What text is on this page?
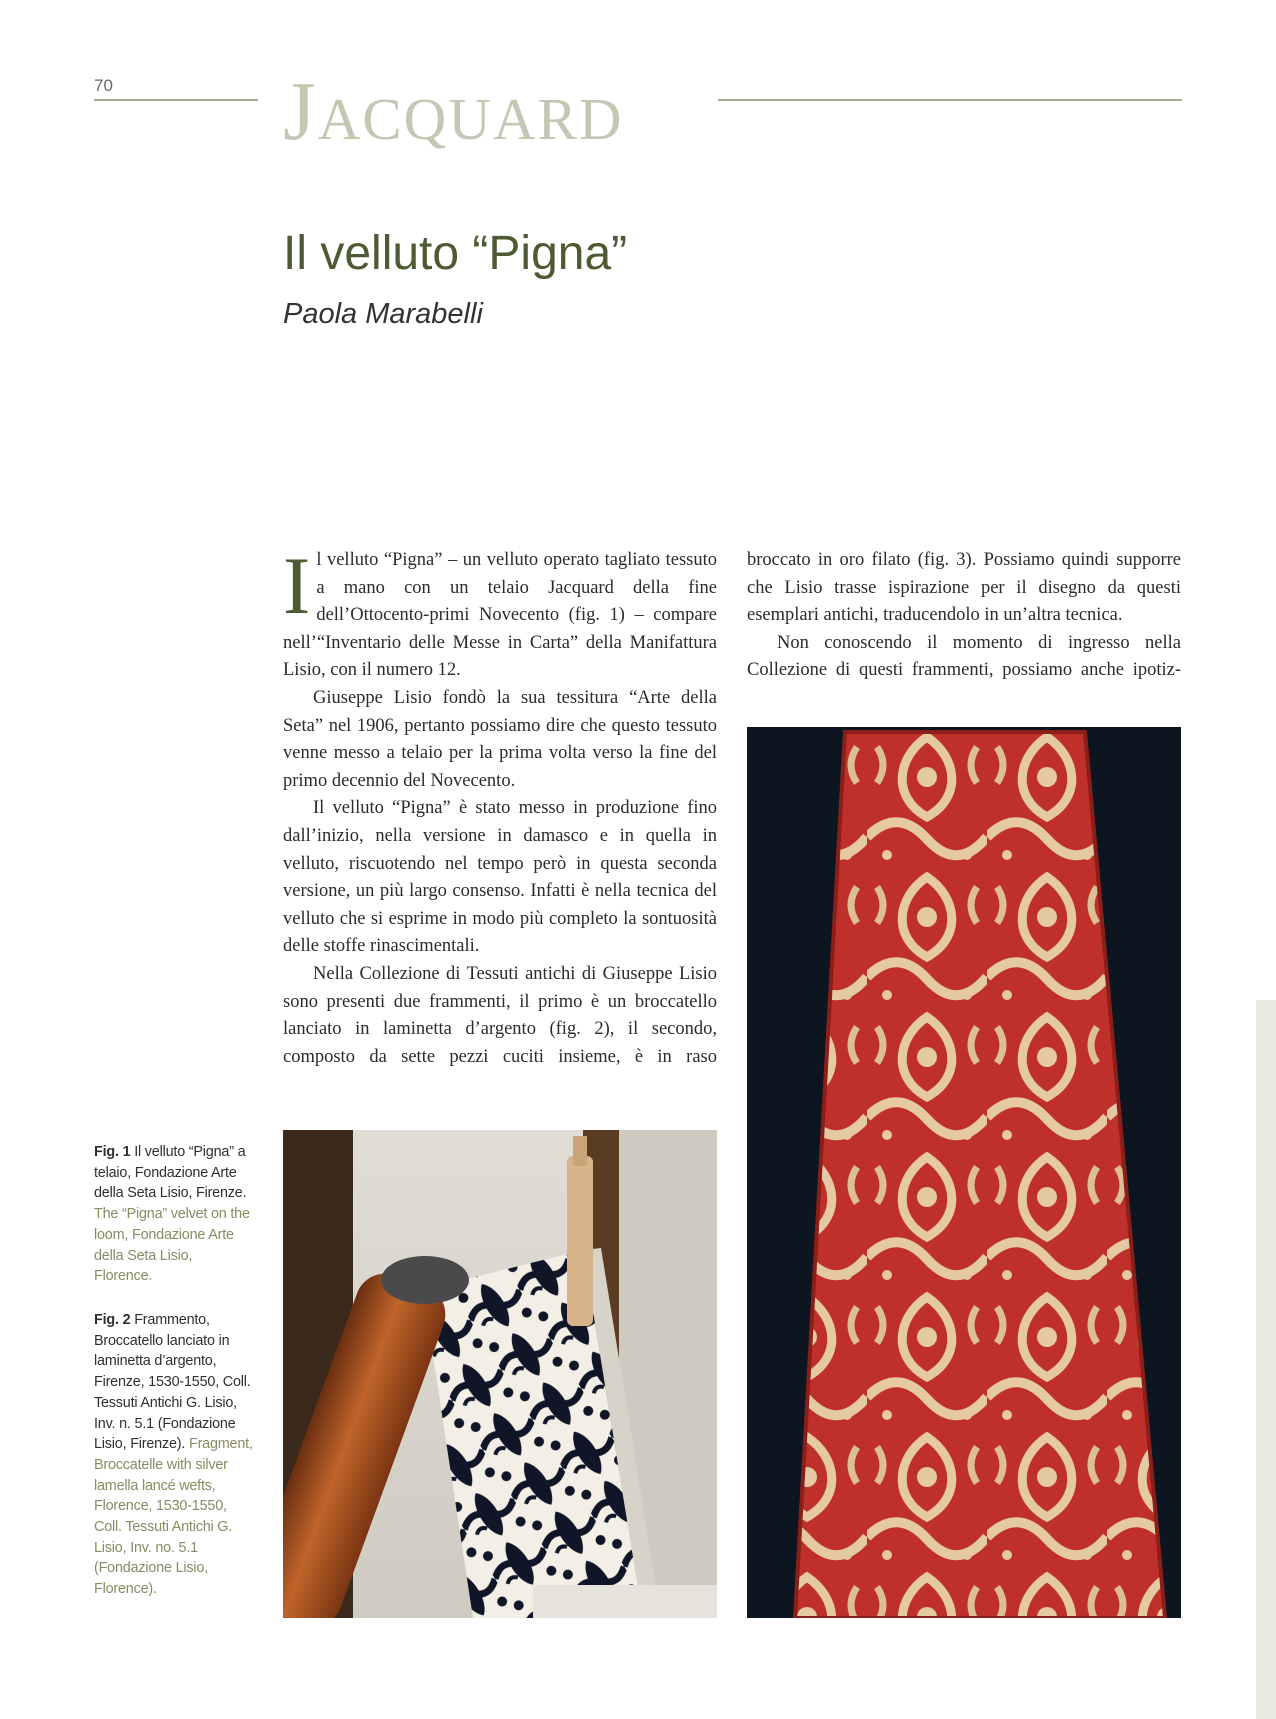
70 Jacquard
Il velluto “Pigna”
Paola Marabelli

Il velluto “Pigna” – un velluto operato tagliato tessuto a mano con un telaio Jacquard della fine dell’Ottocento-primi Novecento (fig. 1) – compare nell’“Inventario delle Messe in Carta” della Manifattura Lisio, con il numero 12.

Giuseppe Lisio fondò la sua tessitura “Arte della Seta” nel 1906, pertanto possiamo dire che questo tessuto venne messo a telaio per la prima volta verso la fine del primo decennio del Novecento.

Il velluto “Pigna” è stato messo in produzione fino dall’inizio, nella versione in damasco e in quella in velluto, riscuotendo nel tempo però in questa seconda versione, un più largo consenso. Infatti è nella tecnica del velluto che si esprime in modo più completo la sontuosità delle stoffe rinascimentali.

Nella Collezione di Tessuti antichi di Giuseppe Lisio sono presenti due frammenti, il primo è un broccatello lanciato in laminetta d’argento (fig. 2), il secondo, composto da sette pezzi cuciti insieme, è in raso

broccato in oro filato (fig. 3). Possiamo quindi supporre che Lisio trasse ispirazione per il disegno da questi esemplari antichi, traducendolo in un’altra tecnica.

Non conoscendo il momento di ingresso nella Collezione di questi frammenti, possiamo anche ipotiz-

Fig. 1 Il velluto “Pigna” a telaio, Fondazione Arte della Seta Lisio, Firenze. The “Pigna” velvet on the loom, Fondazione Arte della Seta Lisio, Florence.
Fig. 2 Frammento, Broccatello lanciato in laminetta d’argento, Firenze, 1530-1550, Coll. Tessuti Antichi G. Lisio, Inv. n. 5.1 (Fondazione Lisio, Firenze). Fragment, Broccatelle with silver lamella lancé wefts, Florence, 1530-1550, Coll. Tessuti Antichi G. Lisio, Inv. no. 5.1 (Fondazione Lisio, Florence).
